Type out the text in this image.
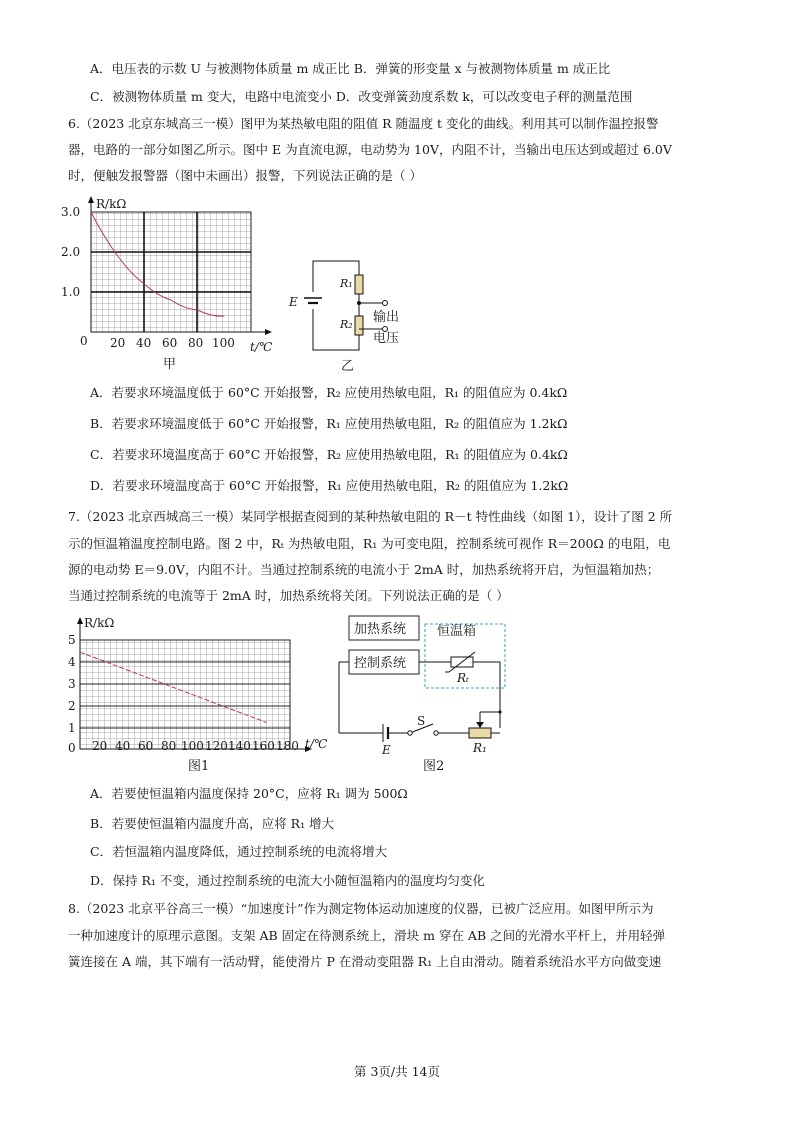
A．电压表的示数 U 与被测物体质量 m 成正比 B．弹簧的形变量 x 与被测物体质量 m 成正比
C．被测物体质量 m 变大，电路中电流变小 D．改变弹簧劲度系数 k，可以改变电子秤的测量范围
6.（2023 北京东城高三一模）图甲为某热敏电阻的阻值 R 随温度 t 变化的曲线。利用其可以制作温控报警
器，电路的一部分如图乙所示。图中 E 为直流电源，电动势为 10V，内阻不计，当输出电压达到或超过 6.0V
时，便触发报警器（图中未画出）报警，下列说法正确的是（ ）
R/kΩ
3.0
2.0
1.0
0 20 40 60 80 100 t/℃
甲
E
R₁
R₂ 输出
电压
乙
A．若要求环境温度低于 60°C 开始报警，R₂ 应使用热敏电阻，R₁ 的阻值应为 0.4kΩ
B．若要求环境温度低于 60°C 开始报警，R₁ 应使用热敏电阻，R₂ 的阻值应为 1.2kΩ
C．若要求环境温度高于 60°C 开始报警，R₂ 应使用热敏电阻，R₁ 的阻值应为 0.4kΩ
D．若要求环境温度高于 60°C 开始报警，R₁ 应使用热敏电阻，R₂ 的阻值应为 1.2kΩ
7.（2023 北京西城高三一模）某同学根据查阅到的某种热敏电阻的 R－t 特性曲线（如图 1），设计了图 2 所
示的恒温箱温度控制电路。图 2 中，Rₜ 为热敏电阻，R₁ 为可变电阻，控制系统可视作 R＝200Ω 的电阻，电
源的电动势 E＝9.0V，内阻不计。当通过控制系统的电流小于 2mA 时，加热系统将开启，为恒温箱加热；
当通过控制系统的电流等于 2mA 时，加热系统将关闭。下列说法正确的是（ ）
R/kΩ
5
4
3
2
1
0 20 40 60 80 100 120 140 160 180 t/℃
图1
加热系统 恒温箱
控制系统
Rₜ
S
E	R₁
图2
A．若要使恒温箱内温度保持 20°C，应将 R₁ 调为 500Ω
B．若要使恒温箱内温度升高，应将 R₁ 增大
C．若恒温箱内温度降低，通过控制系统的电流将增大
D．保持 R₁ 不变，通过控制系统的电流大小随恒温箱内的温度均匀变化
8.（2023 北京平谷高三一模）“加速度计”作为测定物体运动加速度的仪器，已被广泛应用。如图甲所示为
一种加速度计的原理示意图。支架 AB 固定在待测系统上，滑块 m 穿在 AB 之间的光滑水平杆上，并用轻弹
簧连接在 A 端，其下端有一活动臂，能使滑片 P 在滑动变阻器 R₁ 上自由滑动。随着系统沿水平方向做变速
第 3页/共 14页
